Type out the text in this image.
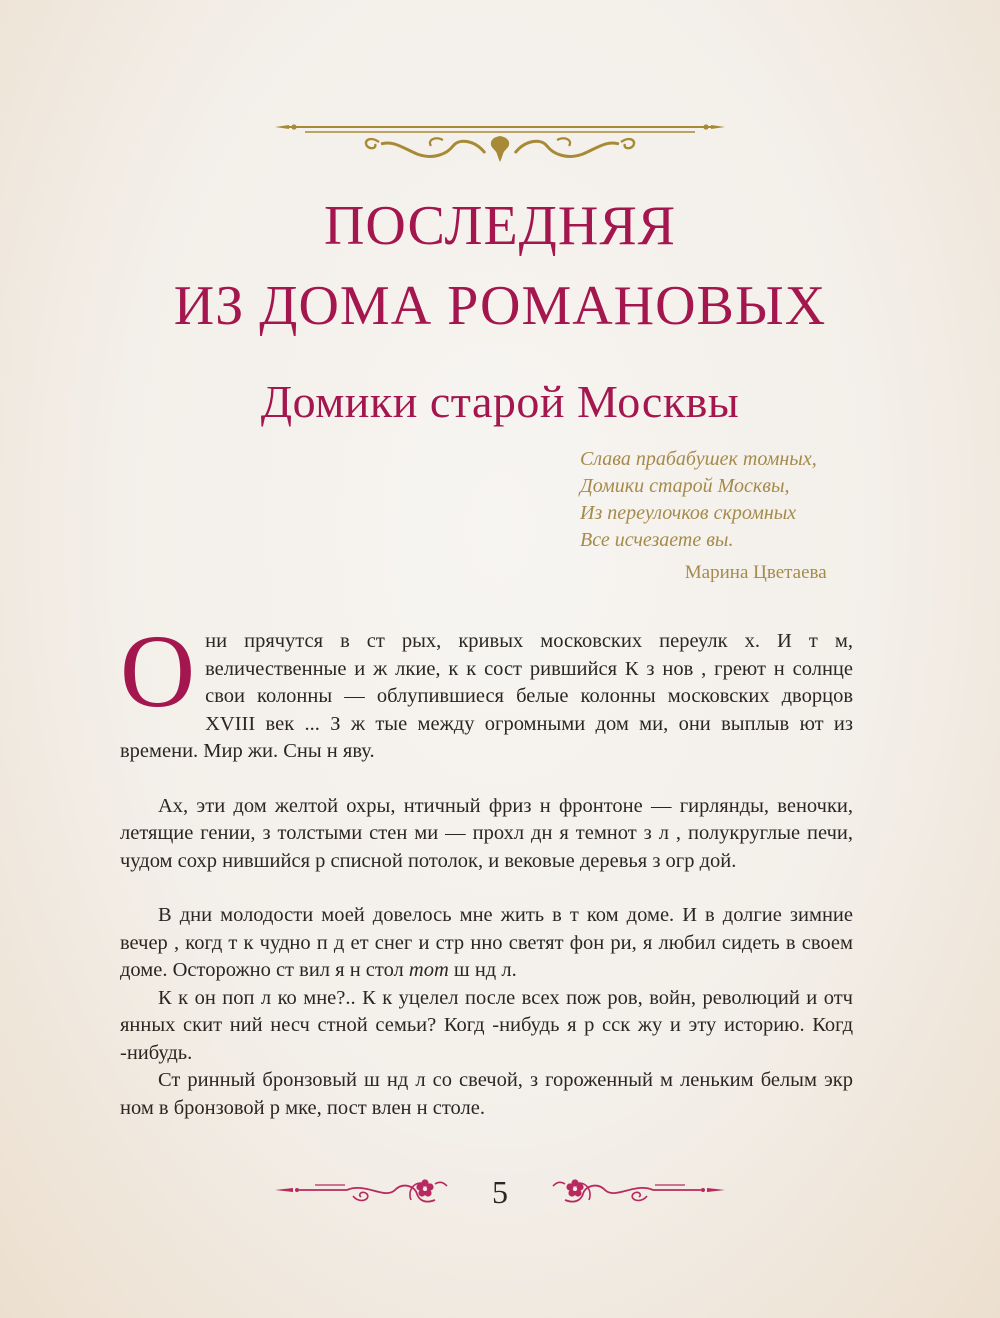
ПОСЛЕДНЯЯ
ИЗ ДОМА РОМАНОВЫХ
Домики старой Москвы
Слава прабабушек томных,
Домики старой Москвы,
Из переулочков скромных
Все исчезаете вы.
Марина Цветаева

Они прячутся в ст рых, кривых московских переулк х. И т м, величественные и ж лкие, к к сост рившийся К з нов , греют н солнце свои колонны — облупившиеся белые колонны московских дворцов XVIII век ... З ж тые между огромными дом ми, они выплыв ют из времени. Мир жи. Сны н яву.

Ах, эти дом желтой охры, нтичный фриз н фронтоне — гирлянды, веночки, летящие гении, з толстыми стен ми — прохл дн я темнот з л , полукруглые печи, чудом сохр нившийся р списной потолок, и вековые деревья з огр дой.

В дни молодости моей довелось мне жить в т ком доме. И в долгие зимние вечер , когд т к чудно п д ет снег и стр нно светят фон ри, я любил сидеть в своем доме. Осторожно ст вил я н стол тот ш нд л.

К к он поп л ко мне?.. К к уцелел после всех пож ров, войн, революций и отч янных скит ний несч стной семьи? Когд -нибудь я р сск жу и эту историю. Когд -нибудь.

Ст ринный бронзовый ш нд л со свечой, з гороженный м леньким белым экр ном в бронзовой р мке, пост влен н столе.

5
